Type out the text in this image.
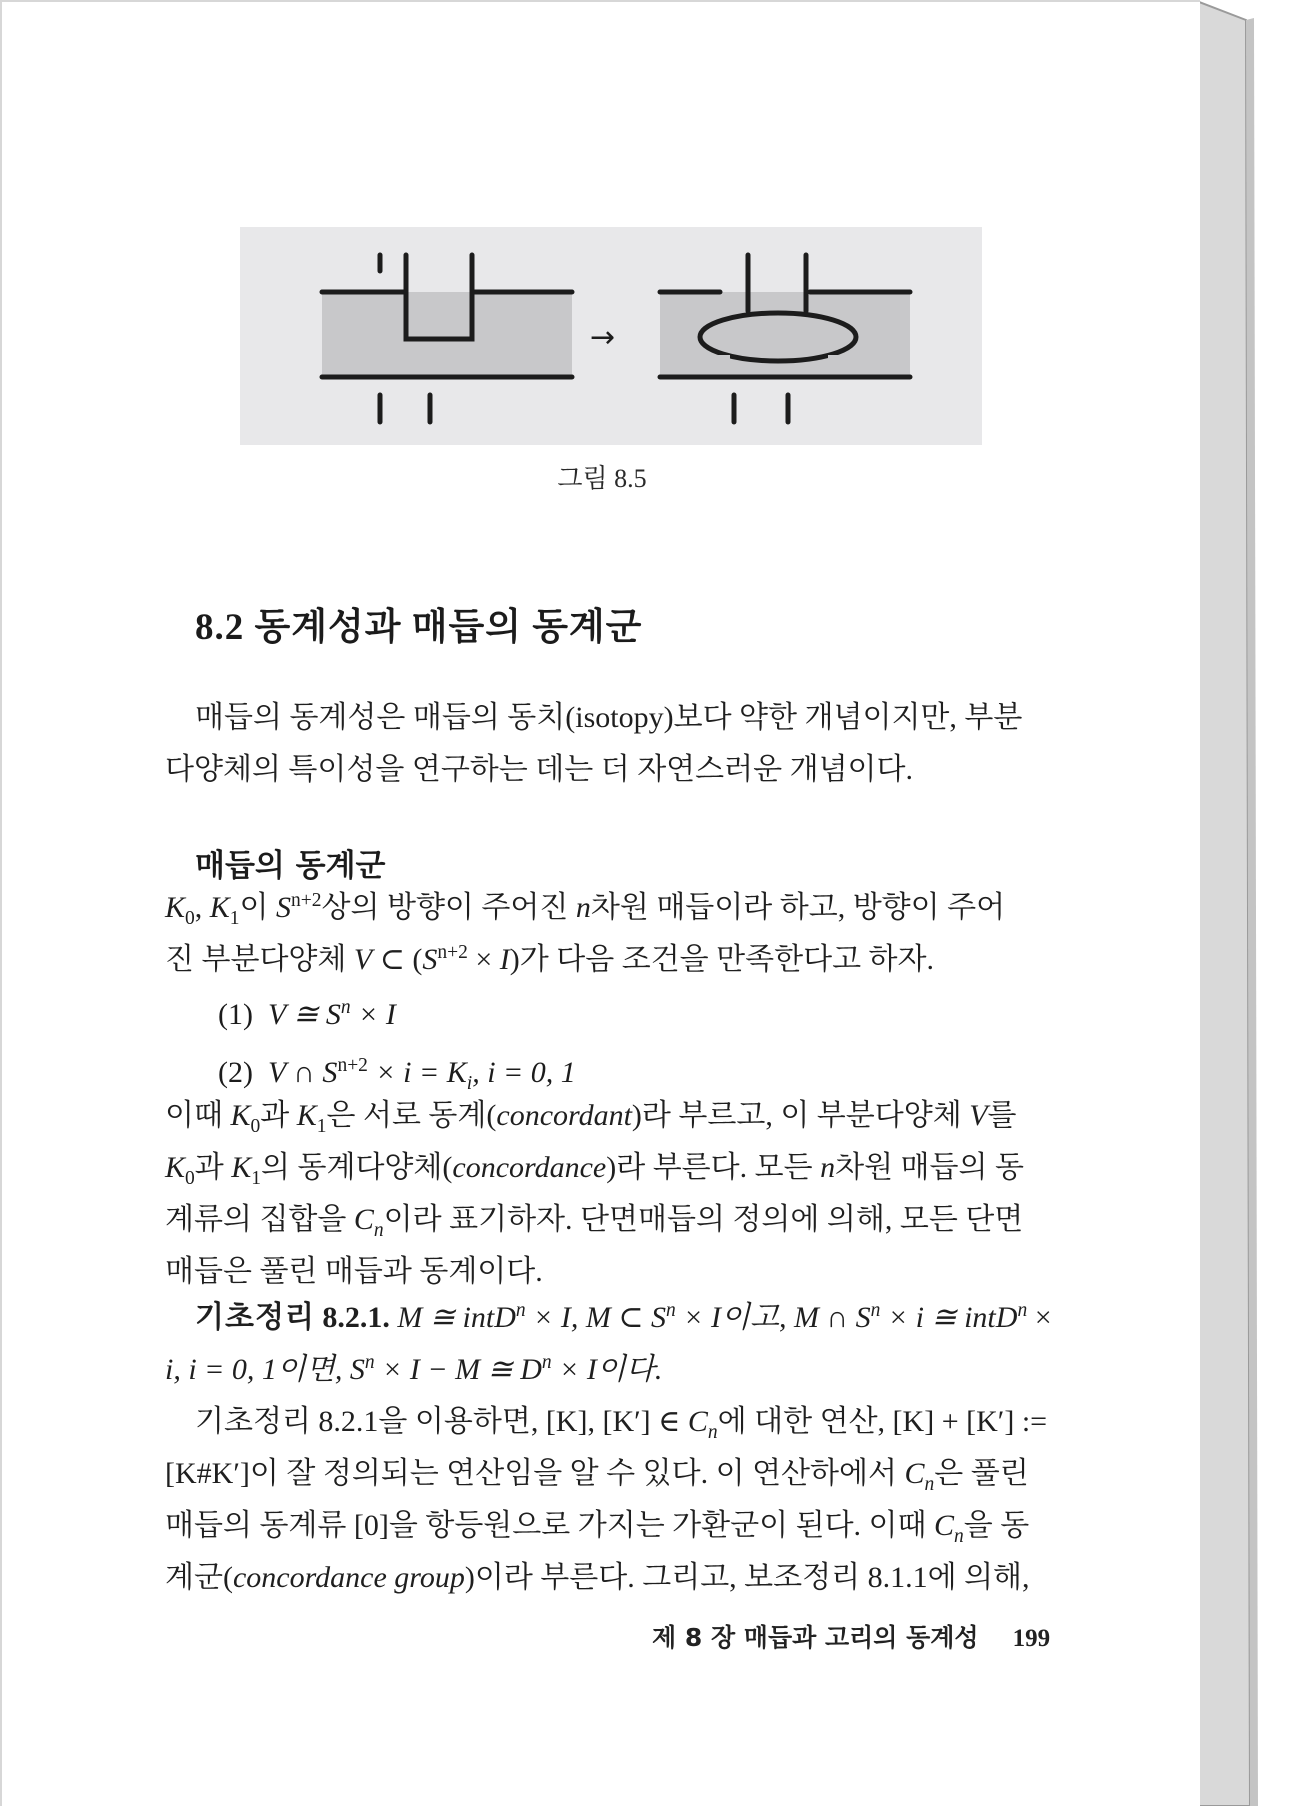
→
그림 8.5
8.2 동계성과 매듭의 동계군

매듭의 동계성은 매듭의 동치(isotopy)보다 약한 개념이지만, 부분

다양체의 특이성을 연구하는 데는 더 자연스러운 개념이다.

매듭의 동계군

$K_0$, $K_1$이 $S^{n+2}$상의 방향이 주어진 n차원 매듭이라 하고, 방향이 주어

진 부분다양체 V ⊂ $(S^{n+2} \times I)$가 다음 조건을 만족한다고 하자.

(1) V ≅ $S^n \times I$
(2) V ∩ $S^{n+2} \times i = K_i$, i = 0, 1

이때 $K_0$과 $K_1$은 서로 동계(concordant)라 부르고, 이 부분다양체 V를

$K_0$과 $K_1$의 동계다양체(concordance)라 부른다. 모든 n차원 매듭의 동

계류의 집합을 $C_n$이라 표기하자. 단면매듭의 정의에 의해, 모든 단면

매듭은 풀린 매듭과 동계이다.

기초정리 8.2.1. M ≅ intD$^n$ × I, M ⊂ $S^n \times I$이고, M ∩ $S^n \times i$ ≅ intD$^n$ ×

i, i = 0, 1이면, $S^n \times I - M$ ≅ $D^n \times I$이다.

기초정리 8.2.1을 이용하면, [K], [K′] ∈ $C_n$에 대한 연산, [K] + [K′] :=

[K#K′]이 잘 정의되는 연산임을 알 수 있다. 이 연산하에서 $C_n$은 풀린

매듭의 동계류 [0]을 항등원으로 가지는 가환군이 된다. 이때 $C_n$을 동

계군(concordance group)이라 부른다. 그리고, 보조정리 8.1.1에 의해,

제 8 장 매듭과 고리의 동계성 199
